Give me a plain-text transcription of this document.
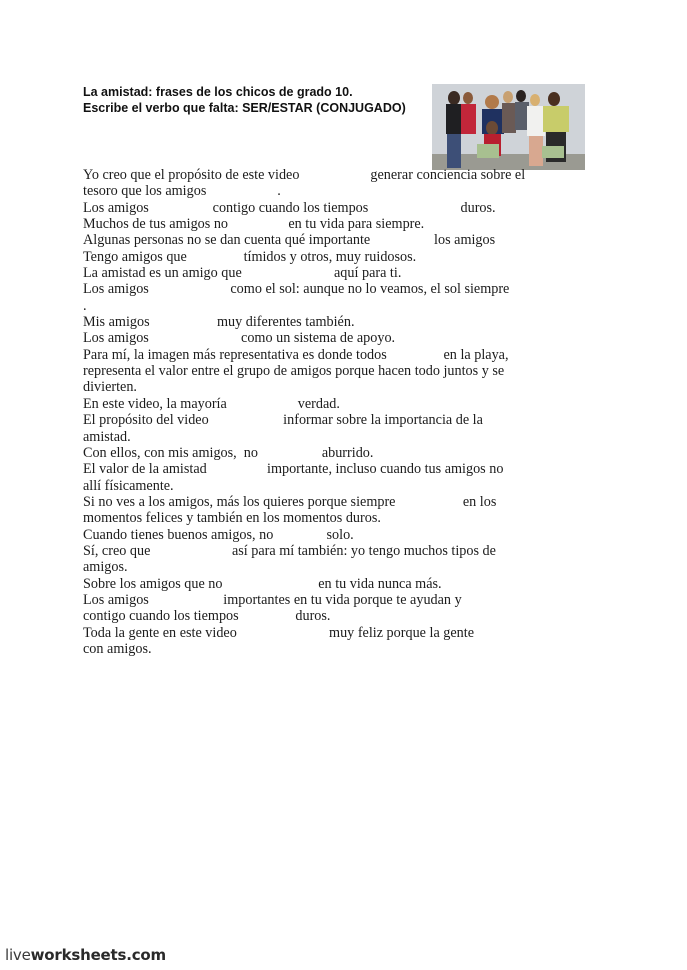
La amistad: frases de los chicos de grado 10.
Escribe el verbo que falta: SER/ESTAR (CONJUGADO)
Yo creo que el propósito de este video                    generar conciencia sobre el
tesoro que los amigos                    .
Los amigos                  contigo cuando los tiempos                          duros.
Muchos de tus amigos no                 en tu vida para siempre.
Algunas personas no se dan cuenta qué importante                  los amigos
Tengo amigos que                tímidos y otros, muy ruidosos.
La amistad es un amigo que                          aquí para ti.
Los amigos                       como el sol: aunque no lo veamos, el sol siempre
.
Mis amigos                   muy diferentes también.
Los amigos                          como un sistema de apoyo.
Para mí, la imagen más representativa es donde todos                en la playa,
representa el valor entre el grupo de amigos porque hacen todo juntos y se
divierten.
En este video, la mayoría                    verdad.
El propósito del video                     informar sobre la importancia de la
amistad.
Con ellos, con mis amigos,  no                  aburrido.
El valor de la amistad                 importante, incluso cuando tus amigos no
allí físicamente.
Si no ves a los amigos, más los quieres porque siempre                   en los
momentos felices y también en los momentos duros.
Cuando tienes buenos amigos, no               solo.
Sí, creo que                       así para mí también: yo tengo muchos tipos de
amigos.
Sobre los amigos que no                           en tu vida nunca más.
Los amigos                     importantes en tu vida porque te ayudan y
contigo cuando los tiempos                duros.
Toda la gente en este video                          muy feliz porque la gente
con amigos.
liveworksheets.com
